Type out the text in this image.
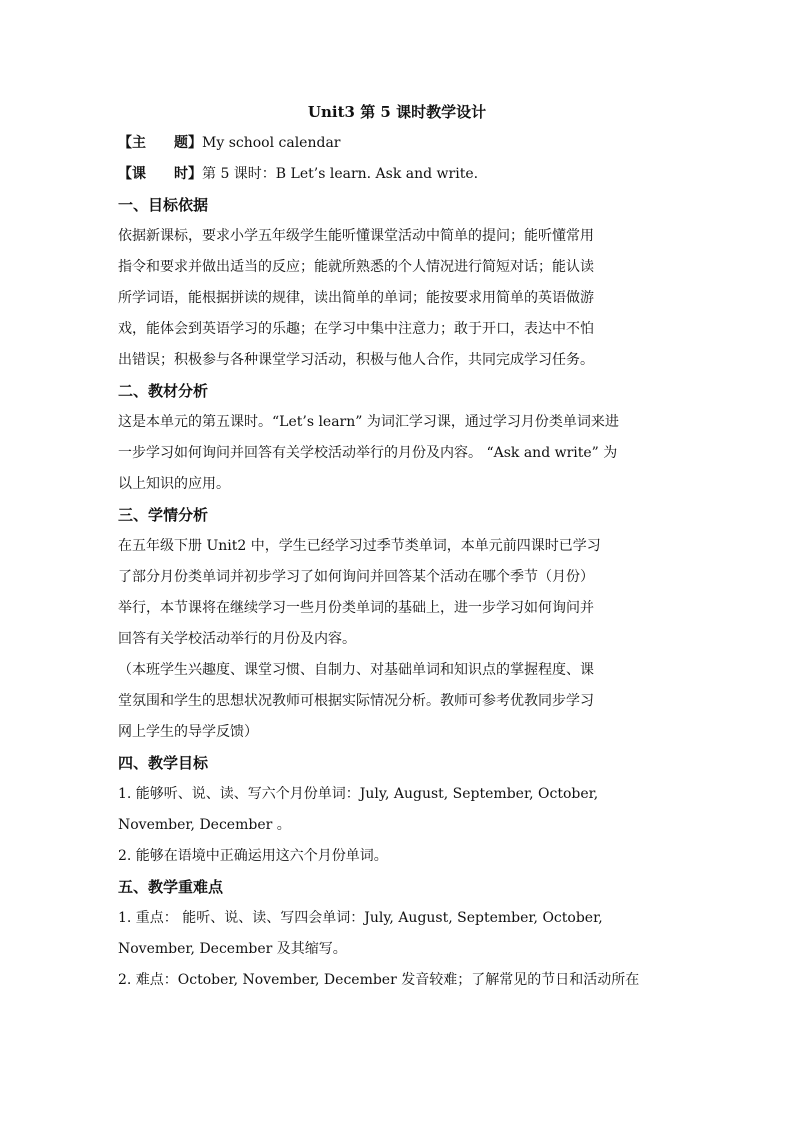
Unit3 第 5 课时教学设计

【主　　题】My school calendar

【课　　时】第 5 课时：B Let’s learn. Ask and write.

一、目标依据

依据新课标，要求小学五年级学生能听懂课堂活动中简单的提问；能听懂常用
指令和要求并做出适当的反应；能就所熟悉的个人情况进行简短对话；能认读
所学词语，能根据拼读的规律，读出简单的单词；能按要求用简单的英语做游
戏，能体会到英语学习的乐趣；在学习中集中注意力；敢于开口，表达中不怕
出错误；积极参与各种课堂学习活动，积极与他人合作，共同完成学习任务。

二、教材分析

这是本单元的第五课时。“Let’s learn” 为词汇学习课，通过学习月份类单词来进
一步学习如何询问并回答有关学校活动举行的月份及内容。 “Ask and write” 为
以上知识的应用。

三、学情分析

在五年级下册 Unit2 中，学生已经学习过季节类单词，本单元前四课时已学习
了部分月份类单词并初步学习了如何询问并回答某个活动在哪个季节（月份）
举行，本节课将在继续学习一些月份类单词的基础上，进一步学习如何询问并
回答有关学校活动举行的月份及内容。
（本班学生兴趣度、课堂习惯、自制力、对基础单词和知识点的掌握程度、课
堂氛围和学生的思想状况教师可根据实际情况分析。教师可参考优教同步学习
网上学生的导学反馈）

四、教学目标

1. 能够听、说、读、写六个月份单词：July, August, September, October,
November, December 。
2. 能够在语境中正确运用这六个月份单词。

五、教学重难点

1. 重点： 能听、说、读、写四会单词：July, August, September, October,
November, December 及其缩写。
2. 难点：October, November, December 发音较难；了解常见的节日和活动所在
